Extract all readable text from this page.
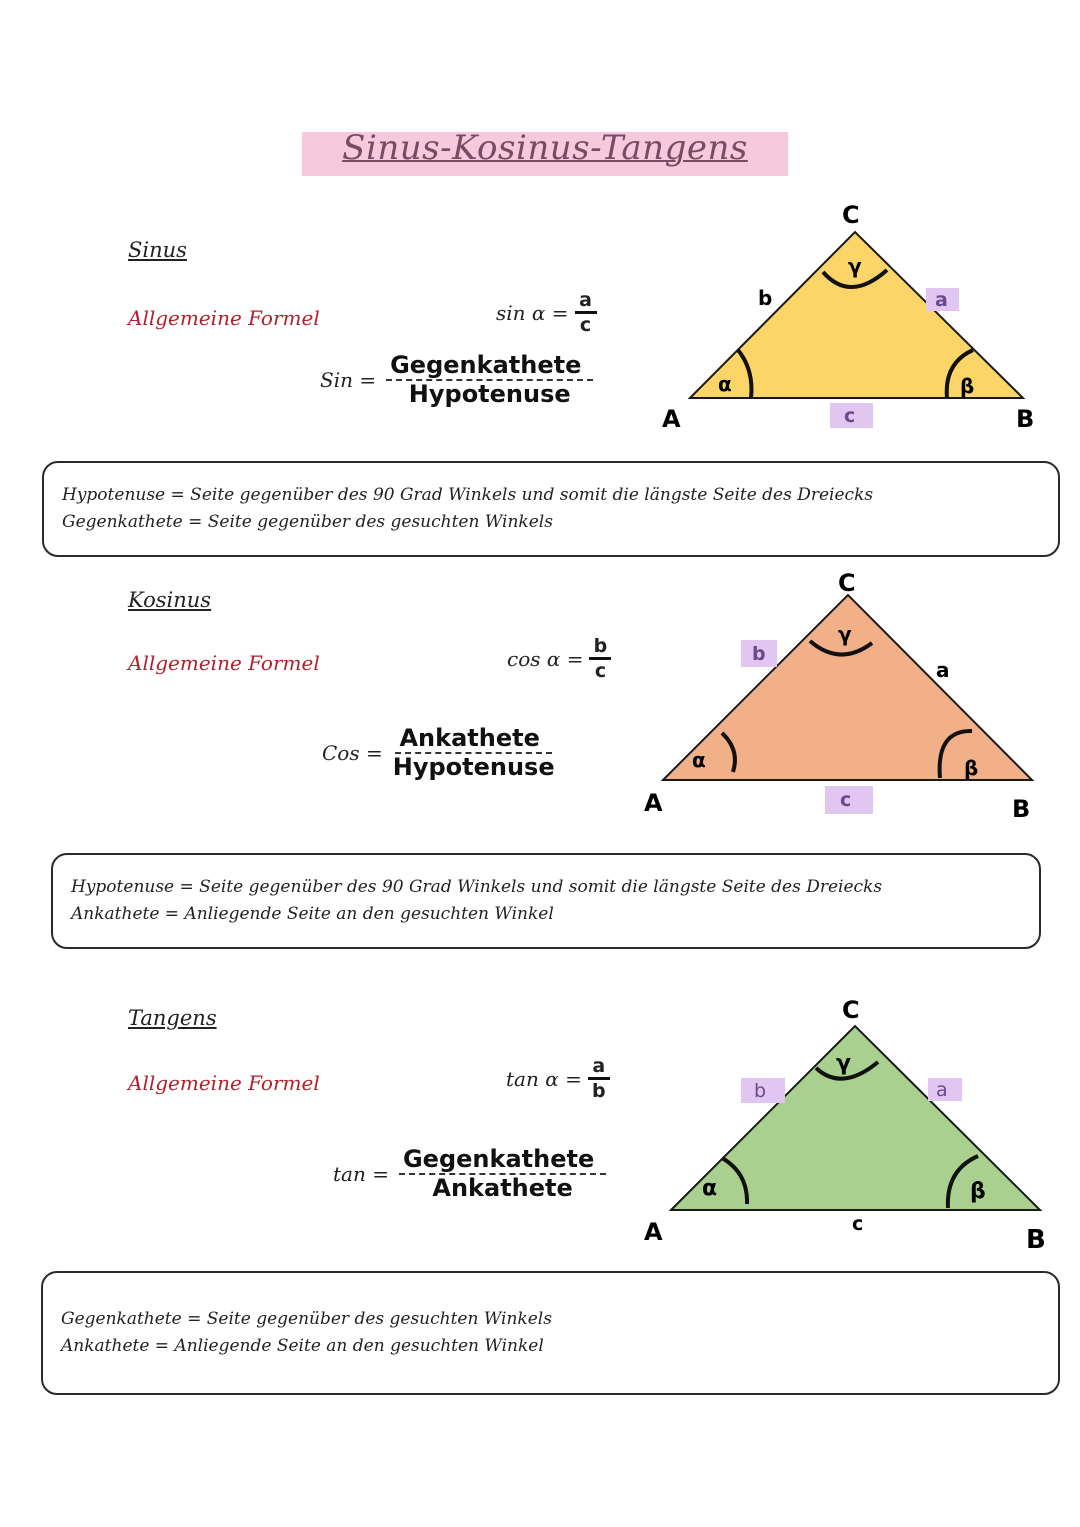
Sinus-Kosinus-Tangens
Sinus
Allgemeine Formel	$\sin \alpha = \frac{a}{c}$
Sin = $\frac{\text{Gegenkathete}}{\text{Hypotenuse}}$	α	β
γ
C
A	B
b	a
c
Hypotenuse = Seite gegenüber des 90 Grad Winkels und somit die längste Seite des Dreiecks
Gegenkathete = Seite gegenüber des gesuchten Winkels
Kosinus
Allgemeine Formel	$\cos \alpha = \frac{b}{c}$
Cos = $\frac{\text{Ankathete}}{\text{Hypotenuse}}$	α	β
γ
C
A	B
a
b
c
Hypotenuse = Seite gegenüber des 90 Grad Winkels und somit die längste Seite des Dreiecks
Ankathete = Anliegende Seite an den gesuchten Winkel
Tangens
Allgemeine Formel	$\tan \alpha = \frac{a}{b}$
$\tan = \frac{\text{Gegenkathete}}{\text{Ankathete}}$	α	β
γ
C
A	B
c
b	a
Gegenkathete = Seite gegenüber des gesuchten Winkels
Ankathete = Anliegende Seite an den gesuchten Winkel
